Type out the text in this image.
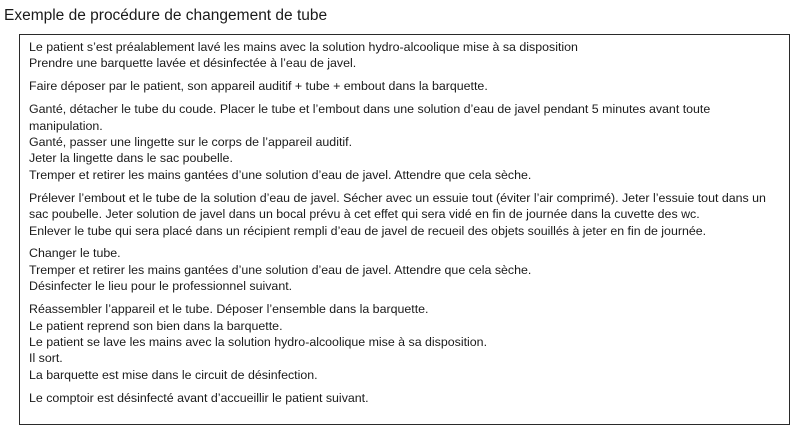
Exemple de procédure de changement de tube
Le patient s’est préalablement lavé les mains avec la solution hydro-alcoolique mise à sa disposition
Prendre une barquette lavée et désinfectée à l’eau de javel.
Faire déposer par le patient, son appareil auditif + tube + embout dans la barquette.
Ganté, détacher le tube du coude. Placer le tube et l’embout dans une solution d’eau de javel pendant 5 minutes avant toute
manipulation.
Ganté, passer une lingette sur le corps de l’appareil auditif.
Jeter la lingette dans le sac poubelle.
Tremper et retirer les mains gantées d’une solution d’eau de javel. Attendre que cela sèche.
Prélever l’embout et le tube de la solution d’eau de javel. Sécher avec un essuie tout (éviter l’air comprimé). Jeter l’essuie tout dans un
sac poubelle. Jeter solution de javel dans un bocal prévu à cet effet qui sera vidé en fin de journée dans la cuvette des wc.
Enlever le tube qui sera placé dans un récipient rempli d’eau de javel de recueil des objets souillés à jeter en fin de journée.
Changer le tube.
Tremper et retirer les mains gantées d’une solution d’eau de javel. Attendre que cela sèche.
Désinfecter le lieu pour le professionnel suivant.
Réassembler l’appareil et le tube. Déposer l’ensemble dans la barquette.
Le patient reprend son bien dans la barquette.
Le patient se lave les mains avec la solution hydro-alcoolique mise à sa disposition.
Il sort.
La barquette est mise dans le circuit de désinfection.
Le comptoir est désinfecté avant d’accueillir le patient suivant.
